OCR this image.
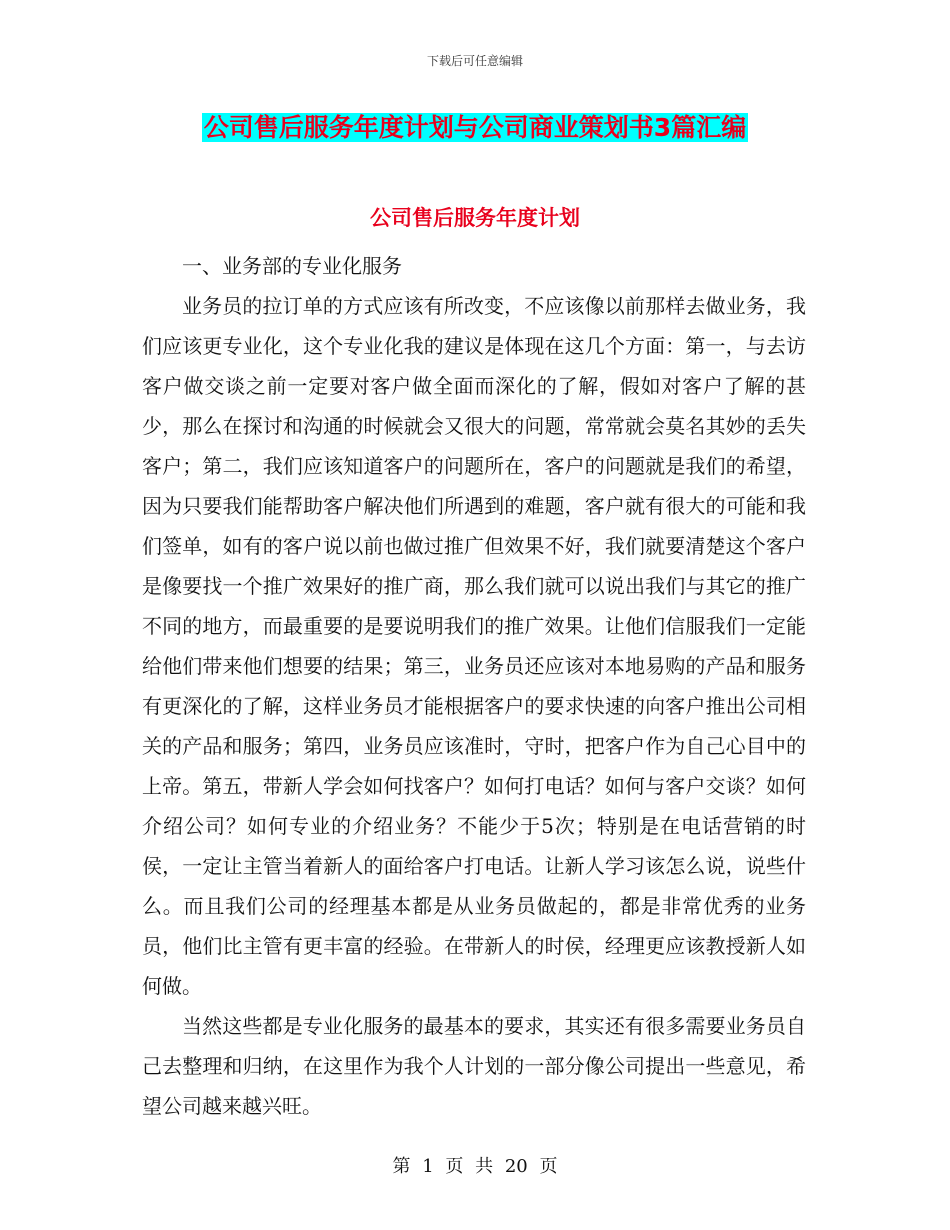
下载后可任意编辑
公司售后服务年度计划与公司商业策划书3篇汇编
公司售后服务年度计划

一、业务部的专业化服务

业务员的拉订单的方式应该有所改变，不应该像以前那样去做业务，我们应该更专业化，这个专业化我的建议是体现在这几个方面：第一，与去访客户做交谈之前一定要对客户做全面而深化的了解，假如对客户了解的甚少，那么在探讨和沟通的时候就会又很大的问题，常常就会莫名其妙的丢失客户；第二，我们应该知道客户的问题所在，客户的问题就是我们的希望，因为只要我们能帮助客户解决他们所遇到的难题，客户就有很大的可能和我们签单，如有的客户说以前也做过推广但效果不好，我们就要清楚这个客户是像要找一个推广效果好的推广商，那么我们就可以说出我们与其它的推广不同的地方，而最重要的是要说明我们的推广效果。让他们信服我们一定能给他们带来他们想要的结果；第三，业务员还应该对本地易购的产品和服务有更深化的了解，这样业务员才能根据客户的要求快速的向客户推出公司相关的产品和服务；第四，业务员应该准时，守时，把客户作为自己心目中的上帝。第五，带新人学会如何找客户？如何打电话？如何与客户交谈？如何介绍公司？如何专业的介绍业务？不能少于5次；特别是在电话营销的时侯，一定让主管当着新人的面给客户打电话。让新人学习该怎么说，说些什么。而且我们公司的经理基本都是从业务员做起的，都是非常优秀的业务员，他们比主管有更丰富的经验。在带新人的时侯，经理更应该教授新人如何做。

当然这些都是专业化服务的最基本的要求，其实还有很多需要业务员自己去整理和归纳，在这里作为我个人计划的一部分像公司提出一些意见，希望公司越来越兴旺。

第 1 页 共 20 页
